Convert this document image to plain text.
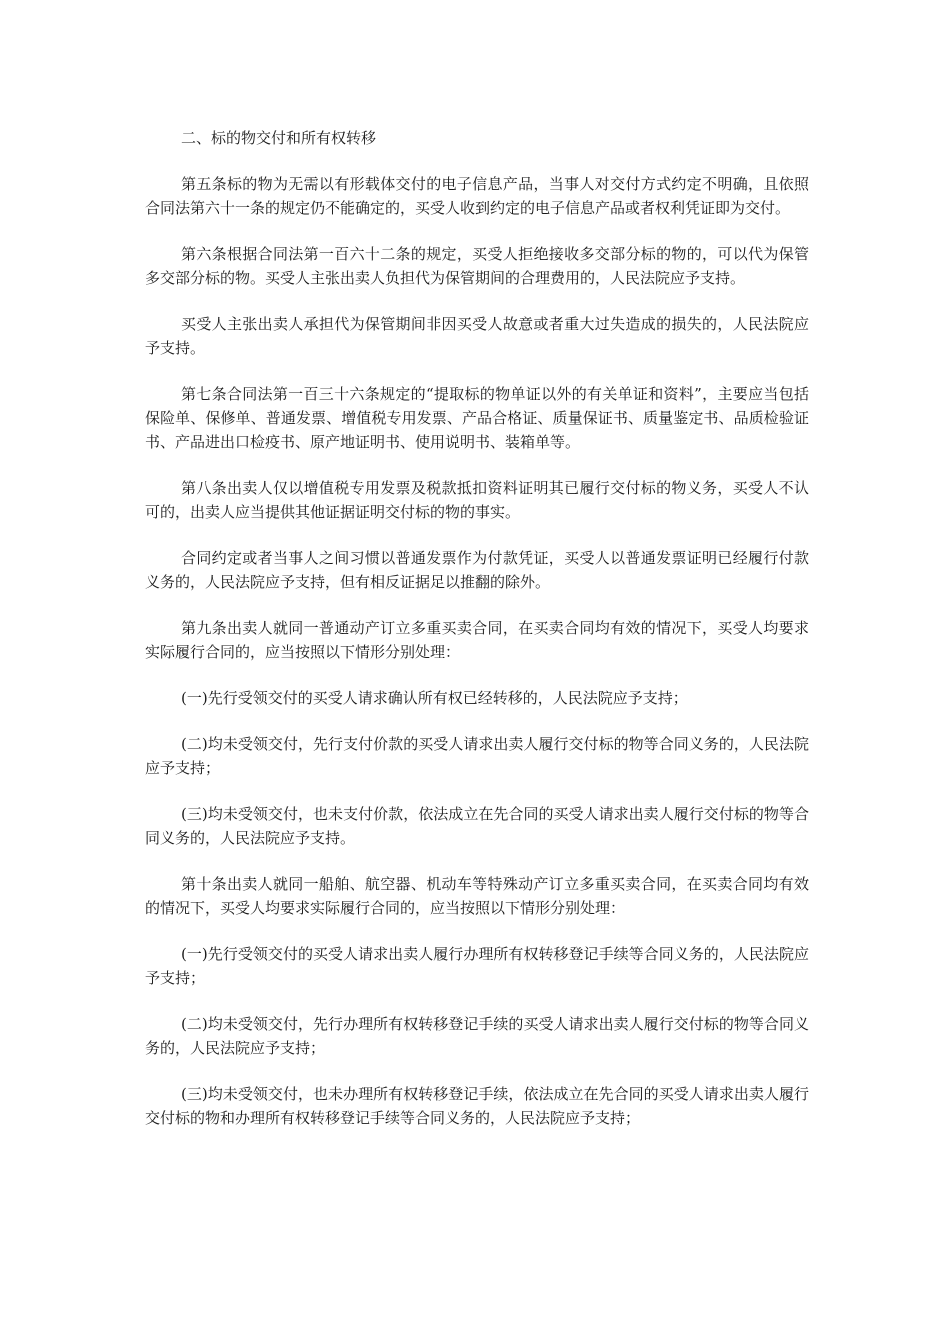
二、标的物交付和所有权转移

第五条标的物为无需以有形载体交付的电子信息产品，当事人对交付方式约定不明确，且依照合同法第六十一条的规定仍不能确定的，买受人收到约定的电子信息产品或者权利凭证即为交付。

第六条根据合同法第一百六十二条的规定，买受人拒绝接收多交部分标的物的，可以代为保管多交部分标的物。买受人主张出卖人负担代为保管期间的合理费用的，人民法院应予支持。

买受人主张出卖人承担代为保管期间非因买受人故意或者重大过失造成的损失的，人民法院应予支持。

第七条合同法第一百三十六条规定的“提取标的物单证以外的有关单证和资料”，主要应当包括保险单、保修单、普通发票、增值税专用发票、产品合格证、质量保证书、质量鉴定书、品质检验证书、产品进出口检疫书、原产地证明书、使用说明书、装箱单等。

第八条出卖人仅以增值税专用发票及税款抵扣资料证明其已履行交付标的物义务，买受人不认可的，出卖人应当提供其他证据证明交付标的物的事实。

合同约定或者当事人之间习惯以普通发票作为付款凭证，买受人以普通发票证明已经履行付款义务的，人民法院应予支持，但有相反证据足以推翻的除外。

第九条出卖人就同一普通动产订立多重买卖合同，在买卖合同均有效的情况下，买受人均要求实际履行合同的，应当按照以下情形分别处理：

(一)先行受领交付的买受人请求确认所有权已经转移的，人民法院应予支持；

(二)均未受领交付，先行支付价款的买受人请求出卖人履行交付标的物等合同义务的，人民法院应予支持；

(三)均未受领交付，也未支付价款，依法成立在先合同的买受人请求出卖人履行交付标的物等合同义务的，人民法院应予支持。

第十条出卖人就同一船舶、航空器、机动车等特殊动产订立多重买卖合同，在买卖合同均有效的情况下，买受人均要求实际履行合同的，应当按照以下情形分别处理：

(一)先行受领交付的买受人请求出卖人履行办理所有权转移登记手续等合同义务的，人民法院应予支持；

(二)均未受领交付，先行办理所有权转移登记手续的买受人请求出卖人履行交付标的物等合同义务的，人民法院应予支持；

(三)均未受领交付，也未办理所有权转移登记手续，依法成立在先合同的买受人请求出卖人履行交付标的物和办理所有权转移登记手续等合同义务的，人民法院应予支持；
